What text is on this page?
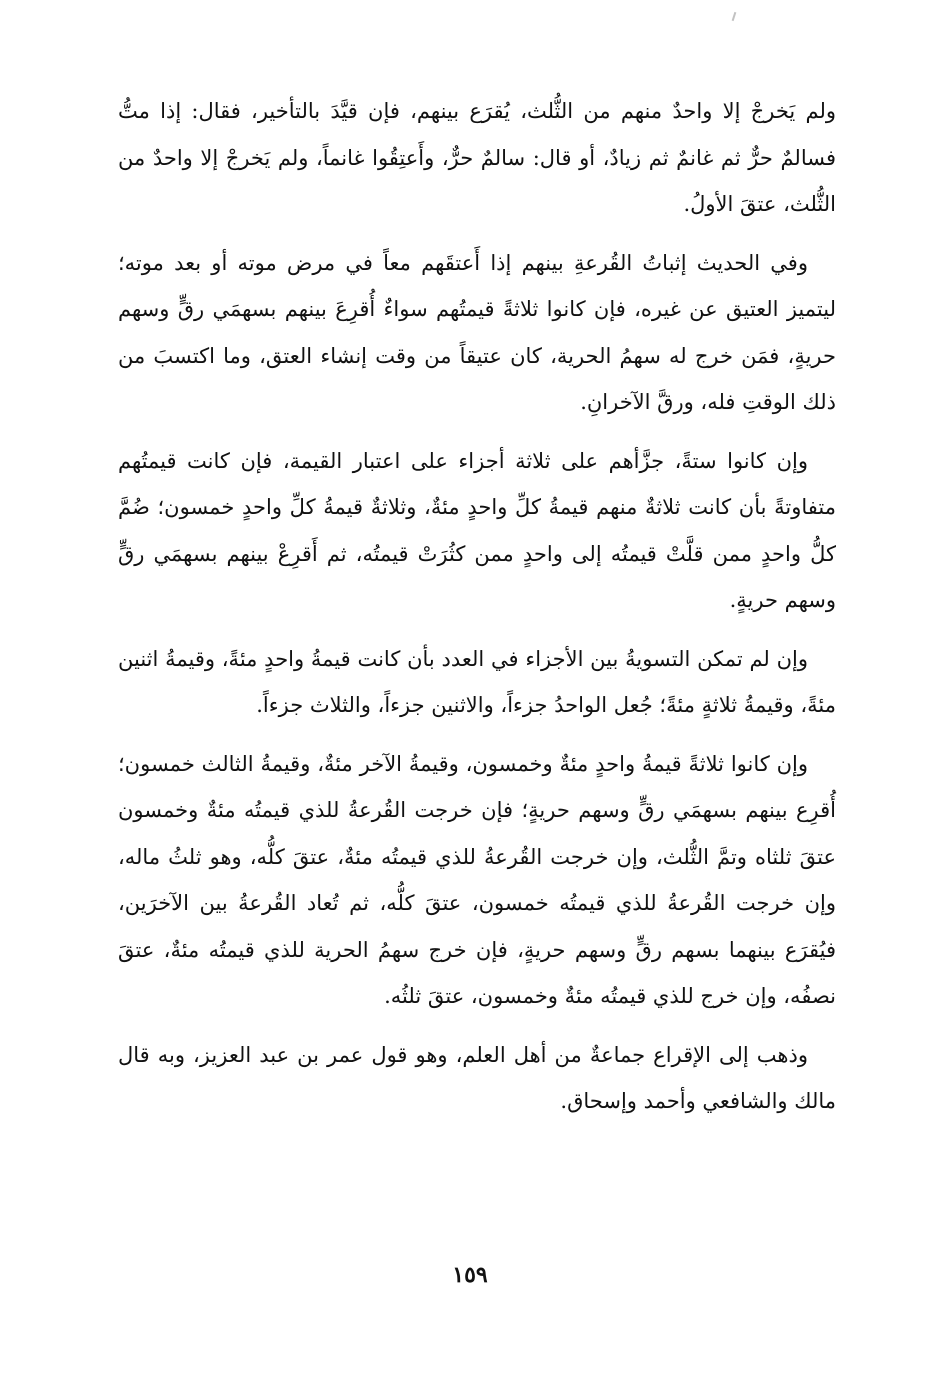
ولم يَخرجْ إلا واحدٌ منهم من الثُّلث، يُقرَع بينهم، فإن قيَّدَ بالتأخير، فقال: إذا متُّ فسالمٌ حرٌّ ثم غانمٌ ثم زيادٌ، أو قال: سالمٌ حرٌّ، وأَعتِقُوا غانماً، ولم يَخرجْ إلا واحدٌ من الثُّلث، عتقَ الأولُ.

وفي الحديث إثباتُ القُرعةِ بينهم إذا أَعتقَهم معاً في مرض موته أو بعد موته؛ ليتميز العتيق عن غيره، فإن كانوا ثلاثةً قيمتُهم سواءٌ أُقرِعَ بينهم بسهمَي رقٍّ وسهم حريةٍ، فمَن خرج له سهمُ الحرية، كان عتيقاً من وقت إنشاء العتق، وما اكتسبَ من ذلك الوقتِ فله، ورقَّ الآخرانِ.

وإن كانوا ستةً، جزَّأهم على ثلاثة أجزاء على اعتبار القيمة، فإن كانت قيمتُهم متفاوتةً بأن كانت ثلاثةٌ منهم قيمةُ كلِّ واحدٍ مئةٌ، وثلاثةٌ قيمةُ كلِّ واحدٍ خمسون؛ ضُمَّ كلُّ واحدٍ ممن قلَّتْ قيمتُه إلى واحدٍ ممن كثُرَتْ قيمتُه، ثم أَقرِعْ بينهم بسهمَي رقٍّ وسهم حريةٍ.

وإن لم تمكن التسويةُ بين الأجزاء في العدد بأن كانت قيمةُ واحدٍ مئةً، وقيمةُ اثنين مئةً، وقيمةُ ثلاثةٍ مئةً؛ جُعل الواحدُ جزءاً، والاثنين جزءاً، والثلاث جزءاً.

وإن كانوا ثلاثةً قيمةُ واحدٍ مئةٌ وخمسون، وقيمةُ الآخر مئةٌ، وقيمةُ الثالث خمسون؛ أُقرِع بينهم بسهمَي رقٍّ وسهم حريةٍ؛ فإن خرجت القُرعةُ للذي قيمتُه مئةٌ وخمسون عتقَ ثلثاه وتمَّ الثُّلث، وإن خرجت القُرعةُ للذي قيمتُه مئةٌ، عتقَ كلُّه، وهو ثلثُ ماله، وإن خرجت القُرعةُ للذي قيمتُه خمسون، عتقَ كلُّه، ثم تُعاد القُرعةُ بين الآخرَين، فيُقرَع بينهما بسهم رقٍّ وسهم حريةٍ، فإن خرج سهمُ الحرية للذي قيمتُه مئةٌ، عتقَ نصفُه، وإن خرج للذي قيمتُه مئةٌ وخمسون، عتقَ ثلثُه.

وذهب إلى الإقراع جماعةٌ من أهل العلم، وهو قول عمر بن عبد العزيز، وبه قال مالك والشافعي وأحمد وإسحاق.

١٥٩
